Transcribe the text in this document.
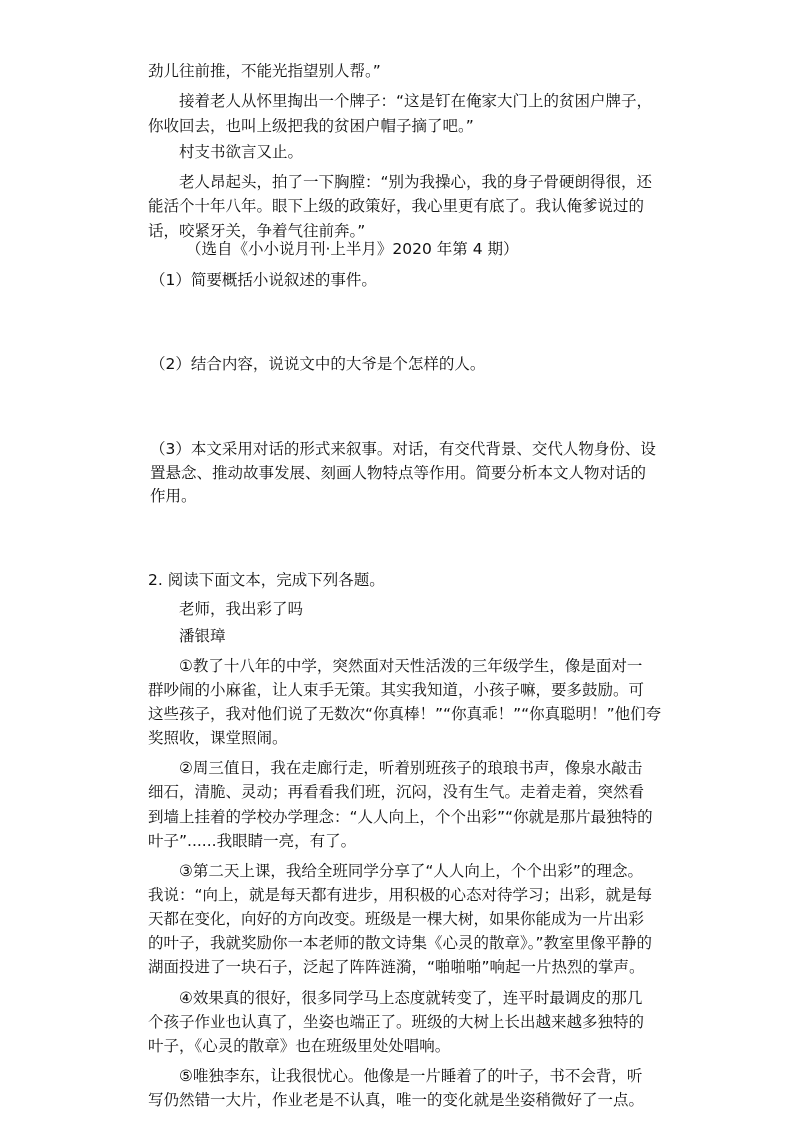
劲儿往前推，不能光指望别人帮。”
接着老人从怀里掏出一个牌子：“这是钉在俺家大门上的贫困户牌子，
你收回去，也叫上级把我的贫困户帽子摘了吧。”
村支书欲言又止。
老人昂起头，拍了一下胸膛：“别为我操心，我的身子骨硬朗得很，还
能活个十年八年。眼下上级的政策好，我心里更有底了。我认俺爹说过的
话，咬紧牙关，争着气往前奔。”
（选自《小小说月刊·上半月》2020 年第 4 期）
（1）简要概括小说叙述的事件。
（2）结合内容，说说文中的大爷是个怎样的人。
（3）本文采用对话的形式来叙事。对话，有交代背景、交代人物身份、设
置悬念、推动故事发展、刻画人物特点等作用。简要分析本文人物对话的
作用。
2. 阅读下面文本，完成下列各题。
老师，我出彩了吗
潘银璋
①教了十八年的中学，突然面对天性活泼的三年级学生，像是面对一
群吵闹的小麻雀，让人束手无策。其实我知道，小孩子嘛，要多鼓励。可
这些孩子，我对他们说了无数次“你真棒！”“你真乖！”“你真聪明！”他们夸
奖照收，课堂照闹。
②周三值日，我在走廊行走，听着别班孩子的琅琅书声，像泉水敲击
细石，清脆、灵动；再看看我们班，沉闷，没有生气。走着走着，突然看
到墙上挂着的学校办学理念：“人人向上，个个出彩”“你就是那片最独特的
叶子”......我眼睛一亮，有了。
③第二天上课，我给全班同学分享了“人人向上，个个出彩”的理念。
我说：“向上，就是每天都有进步，用积极的心态对待学习；出彩，就是每
天都在变化，向好的方向改变。班级是一棵大树，如果你能成为一片出彩
的叶子，我就奖励你一本老师的散文诗集《心灵的散章》。”教室里像平静的
湖面投进了一块石子，泛起了阵阵涟漪，“啪啪啪”响起一片热烈的掌声。
④效果真的很好，很多同学马上态度就转变了，连平时最调皮的那几
个孩子作业也认真了，坐姿也端正了。班级的大树上长出越来越多独特的
叶子，《心灵的散章》也在班级里处处唱响。
⑤唯独李东，让我很忧心。他像是一片睡着了的叶子，书不会背，听
写仍然错一大片，作业老是不认真，唯一的变化就是坐姿稍微好了一点。
